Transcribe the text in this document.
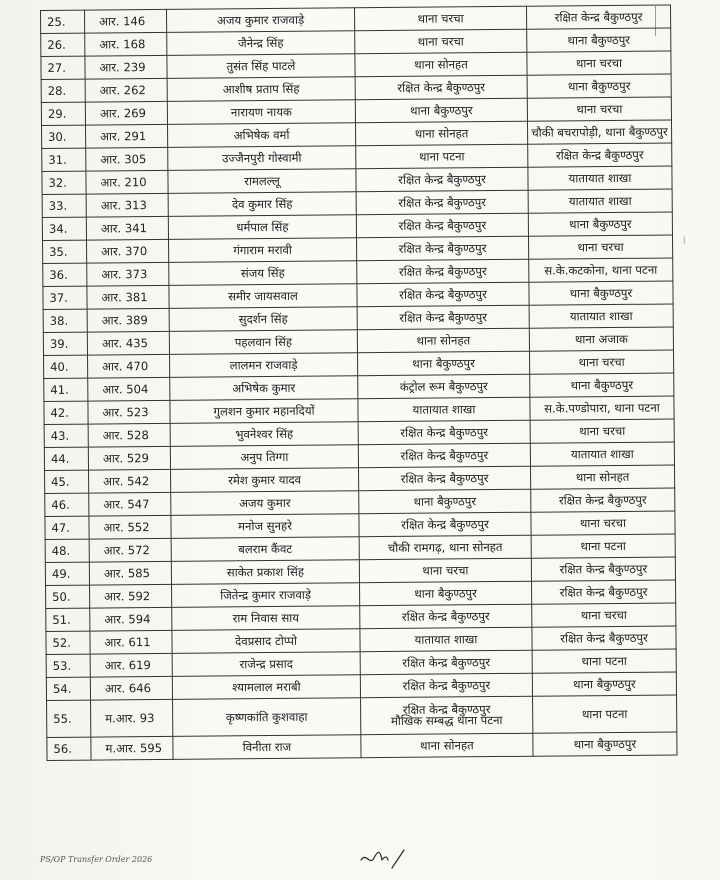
|
25.	आर. 146	अजय कुमार राजवाड़े	थाना चरचा	रक्षित केन्द्र बैकुण्ठपुर
26.	आर. 168	जैनेन्द्र सिंह	थाना चरचा	थाना बैकुण्ठपुर
27.	आर. 239	तुसंत सिंह पाटले	थाना सोनहत	थाना चरचा
28.	आर. 262	आशीष प्रताप सिंह	रक्षित केन्द्र बैकुण्ठपुर	थाना बैकुण्ठपुर
29.	आर. 269	नारायण नायक	थाना बैकुण्ठपुर	थाना चरचा
30.	आर. 291	अभिषेक वर्मा	थाना सोनहत	चौकी बचरापोड़ी, थाना बैकुण्ठपुर
31.	आर. 305	उज्जैनपुरी गोस्वामी	थाना पटना	रक्षित केन्द्र बैकुण्ठपुर
32.	आर. 210	रामलल्लू	रक्षित केन्द्र बैकुण्ठपुर	यातायात शाखा
33.	आर. 313	देव कुमार सिंह	रक्षित केन्द्र बैकुण्ठपुर	यातायात शाखा
34.	आर. 341	धर्मपाल सिंह	रक्षित केन्द्र बैकुण्ठपुर	थाना बैकुण्ठपुर
35.	आर. 370	गंगाराम मरावी	रक्षित केन्द्र बैकुण्ठपुर	थाना चरचा
36.	आर. 373	संजय सिंह	रक्षित केन्द्र बैकुण्ठपुर	स.के.कटकोना, थाना पटना
37.	आर. 381	समीर जायसवाल	रक्षित केन्द्र बैकुण्ठपुर	थाना बैकुण्ठपुर
38.	आर. 389	सुदर्शन सिंह	रक्षित केन्द्र बैकुण्ठपुर	यातायात शाखा
39.	आर. 435	पहलवान सिंह	थाना सोनहत	थाना अजाक
40.	आर. 470	लालमन राजवाड़े	थाना बैकुण्ठपुर	थाना चरचा
41.	आर. 504	अभिषेक कुमार	कंट्रोल रूम बैकुण्ठपुर	थाना बैकुण्ठपुर
42.	आर. 523	गुलशन कुमार महानदियों	यातायात शाखा	स.के.पण्डोपारा, थाना पटना
43.	आर. 528	भुवनेश्वर सिंह	रक्षित केन्द्र बैकुण्ठपुर	थाना चरचा
44.	आर. 529	अनुप तिग्गा	रक्षित केन्द्र बैकुण्ठपुर	यातायात शाखा
45.	आर. 542	रमेश कुमार यादव	रक्षित केन्द्र बैकुण्ठपुर	थाना सोनहत
46.	आर. 547	अजय कुमार	थाना बैकुण्ठपुर	रक्षित केन्द्र बैकुण्ठपुर
47.	आर. 552	मनोज सुनहरे	रक्षित केन्द्र बैकुण्ठपुर	थाना चरचा
48.	आर. 572	बलराम कैंवट	चौकी रामगढ़, थाना सोनहत	थाना पटना
49.	आर. 585	साकेत प्रकाश सिंह	थाना चरचा	रक्षित केन्द्र बैकुण्ठपुर
50.	आर. 592	जितेन्द्र कुमार राजवाड़े	थाना बैकुण्ठपुर	रक्षित केन्द्र बैकुण्ठपुर
51.	आर. 594	राम निवास साय	रक्षित केन्द्र बैकुण्ठपुर	थाना चरचा
52.	आर. 611	देवप्रसाद टोप्पो	यातायात शाखा	रक्षित केन्द्र बैकुण्ठपुर
53.	आर. 619	राजेन्द्र प्रसाद	रक्षित केन्द्र बैकुण्ठपुर	थाना पटना
54.	आर. 646	श्यामलाल मराबी	रक्षित केन्द्र बैकुण्ठपुर	थाना बैकुण्ठपुर
55.	म.आर. 93	कृष्णकांति कुशवाहा	रक्षित केन्द्र बैकुण्ठपुर
मौखिक सम्बद्ध थाना पटना	थाना पटना
56.	म.आर. 595	विनीता राज	थाना सोनहत	थाना बैकुण्ठपुर
PS/OP Transfer Order 2026
